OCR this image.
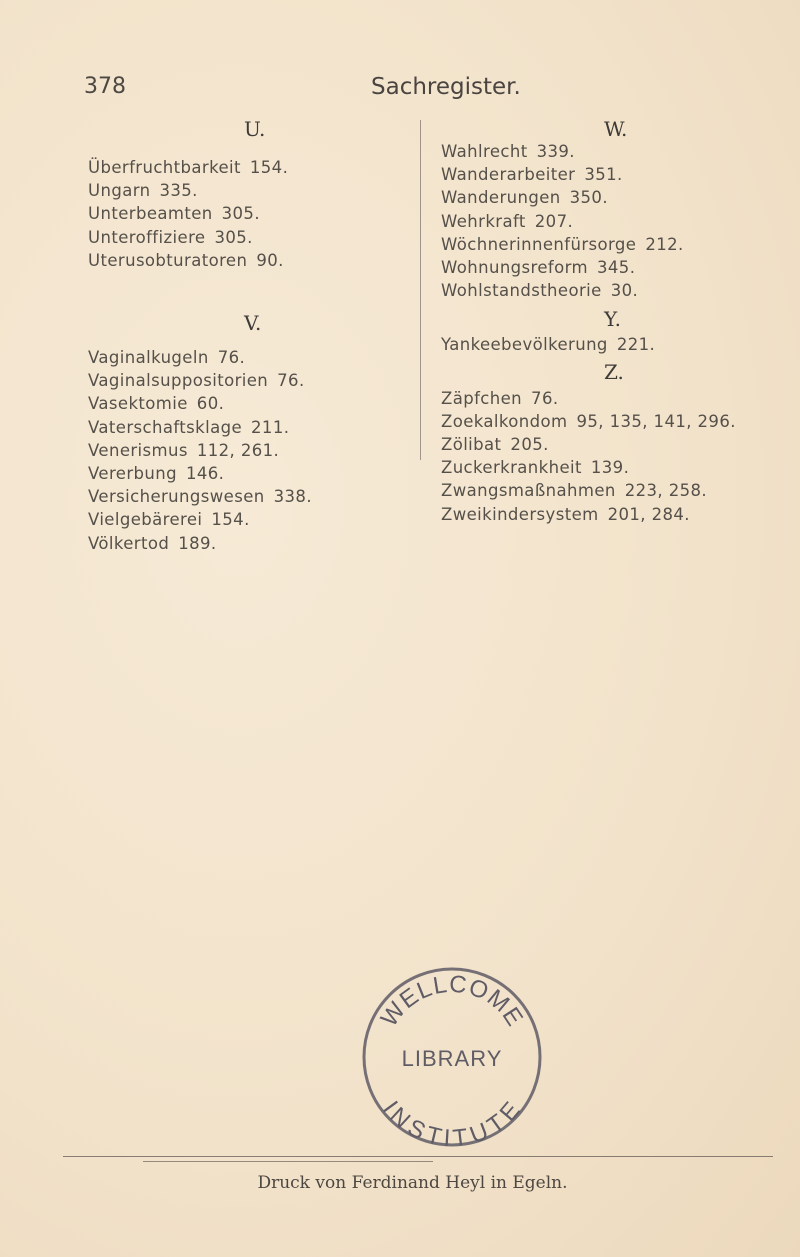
378	Sachregister.
U.
Überfruchtbarkeit 154.
Ungarn 335.
Unterbeamten 305.
Unteroffiziere 305.
Uterusobturatoren 90.
V.
Vaginalkugeln 76.
Vaginalsuppositorien 76.
Vasektomie 60.
Vaterschaftsklage 211.
Venerismus 112, 261.
Vererbung 146.
Versicherungswesen 338.
Vielgebärerei 154.
Völkertod 189.
W.
Wahlrecht 339.
Wanderarbeiter 351.
Wanderungen 350.
Wehrkraft 207.
Wöchnerinnenfürsorge 212.
Wohnungsreform 345.
Wohlstandstheorie 30.
Y.
Yankeebevölkerung 221.
Z.
Zäpfchen 76.
Zoekalkondom 95, 135, 141, 296.
Zölibat 205.
Zuckerkrankheit 139.
Zwangsmaßnahmen 223, 258.
Zweikindersystem 201, 284.
WELLCOME
LIBRARY
INSTITUTE
Druck von Ferdinand Heyl in Egeln.
